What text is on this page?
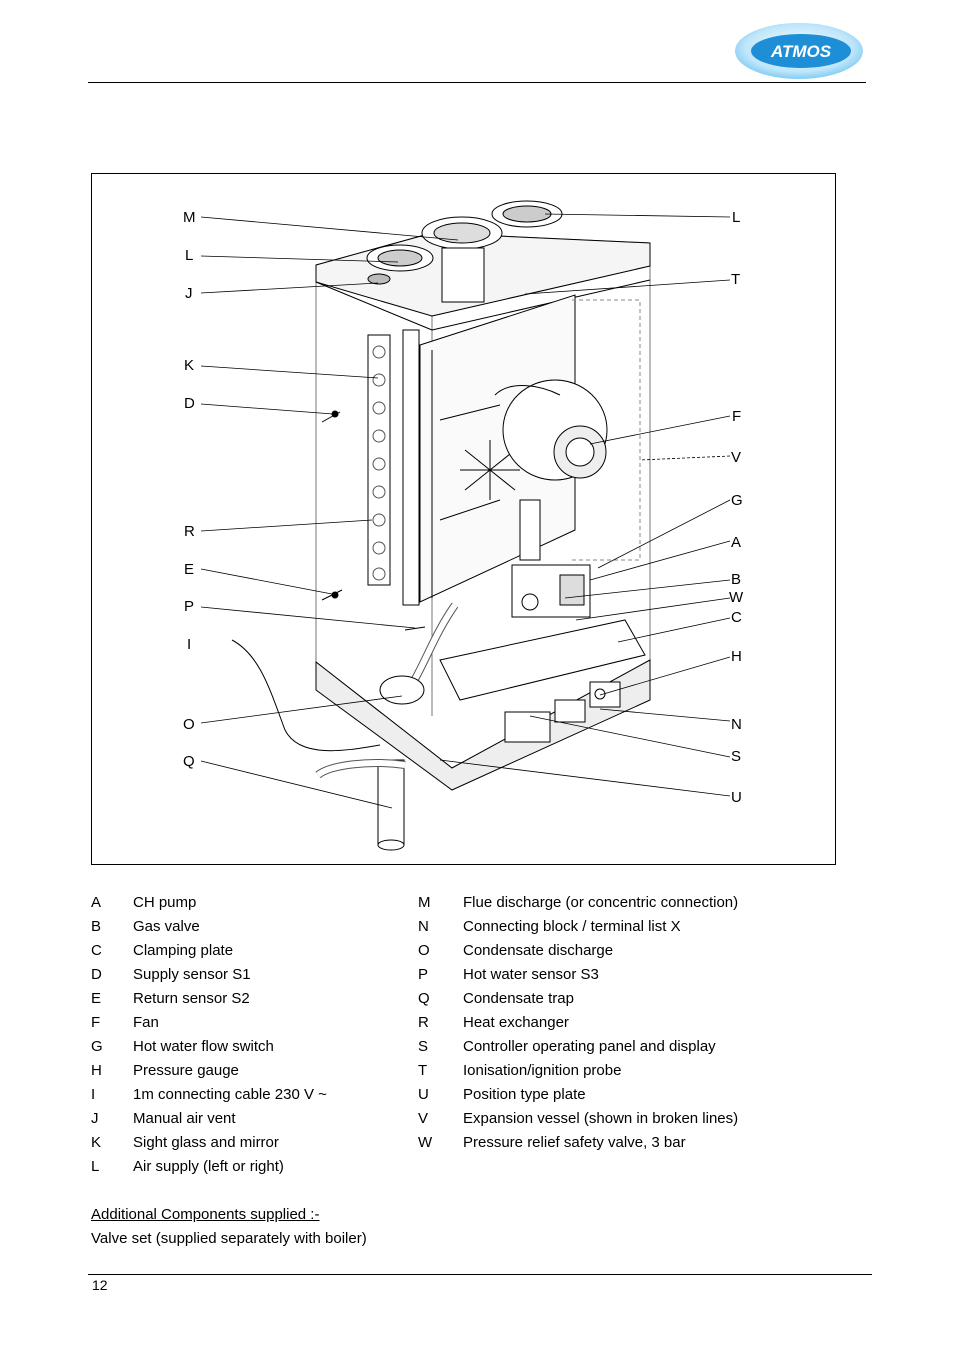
ATMOS
M
L
J
K
D
R
E
P
I
O
Q
L
T
F
V
G
A
B
W
C
H
N
S
U
A CH pump
B Gas valve
C Clamping plate
D Supply sensor S1
E Return sensor S2
F Fan
G Hot water flow switch
H Pressure gauge
I	1m connecting cable 230 V ~
J Manual air vent
K Sight glass and mirror
L Air supply (left or right)
M Flue discharge (or concentric connection)
N Connecting block / terminal list X
O Condensate discharge
P Hot water sensor S3
Q Condensate trap
R Heat exchanger
S Controller operating panel and display
T Ionisation/ignition probe
U Position type plate
V Expansion vessel (shown in broken lines)
W Pressure relief safety valve, 3 bar
Additional Components supplied :-
Valve set (supplied separately with boiler)
12
